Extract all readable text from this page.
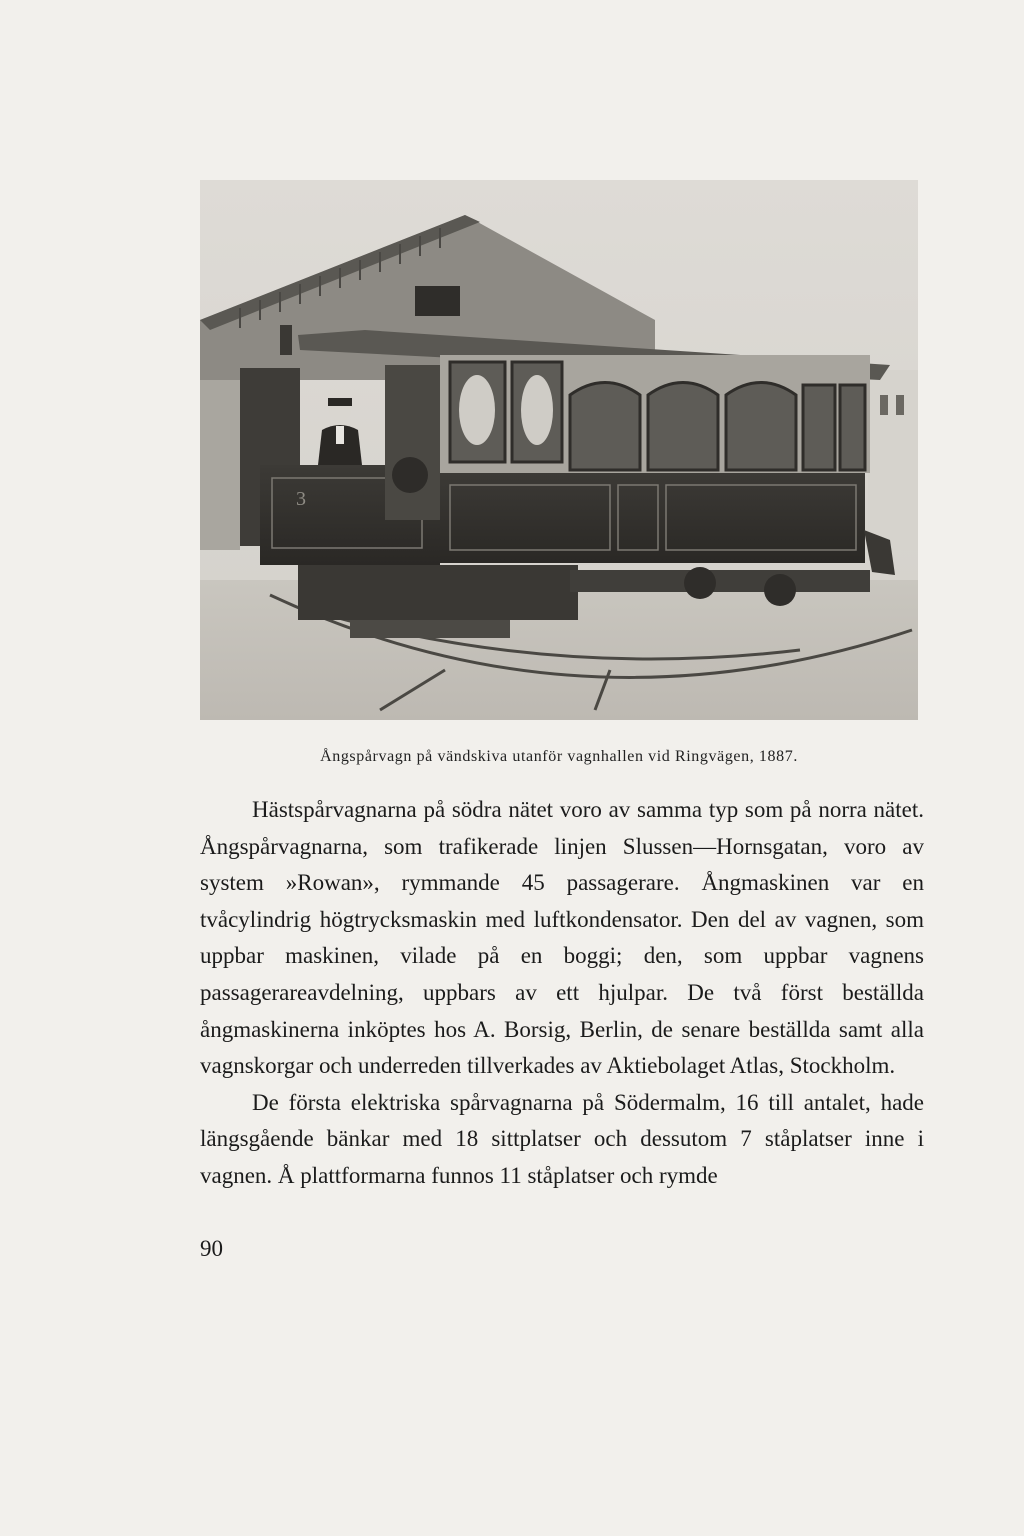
3
Ångspårvagn på vändskiva utanför vagnhallen vid Ringvägen, 1887.

Hästspårvagnarna på södra nätet voro av samma typ som på norra nätet. Ångspårvagnarna, som trafikerade linjen Slussen—Hornsgatan, voro av system »Rowan», rymmande 45 passagerare. Ångmaskinen var en tvåcylindrig högtrycksmaskin med luftkondensator. Den del av vagnen, som uppbar maskinen, vilade på en boggi; den, som uppbar vagnens passagerareavdelning, uppbars av ett hjulpar. De två först beställda ångmaskinerna inköptes hos A. Borsig, Berlin, de senare beställda samt alla vagnskorgar och underreden tillverkades av Aktiebolaget Atlas, Stockholm.

De första elektriska spårvagnarna på Södermalm, 16 till antalet, hade längsgående bänkar med 18 sittplatser och dessutom 7 ståplatser inne i vagnen. Å plattformarna funnos 11 ståplatser och rymde

90
